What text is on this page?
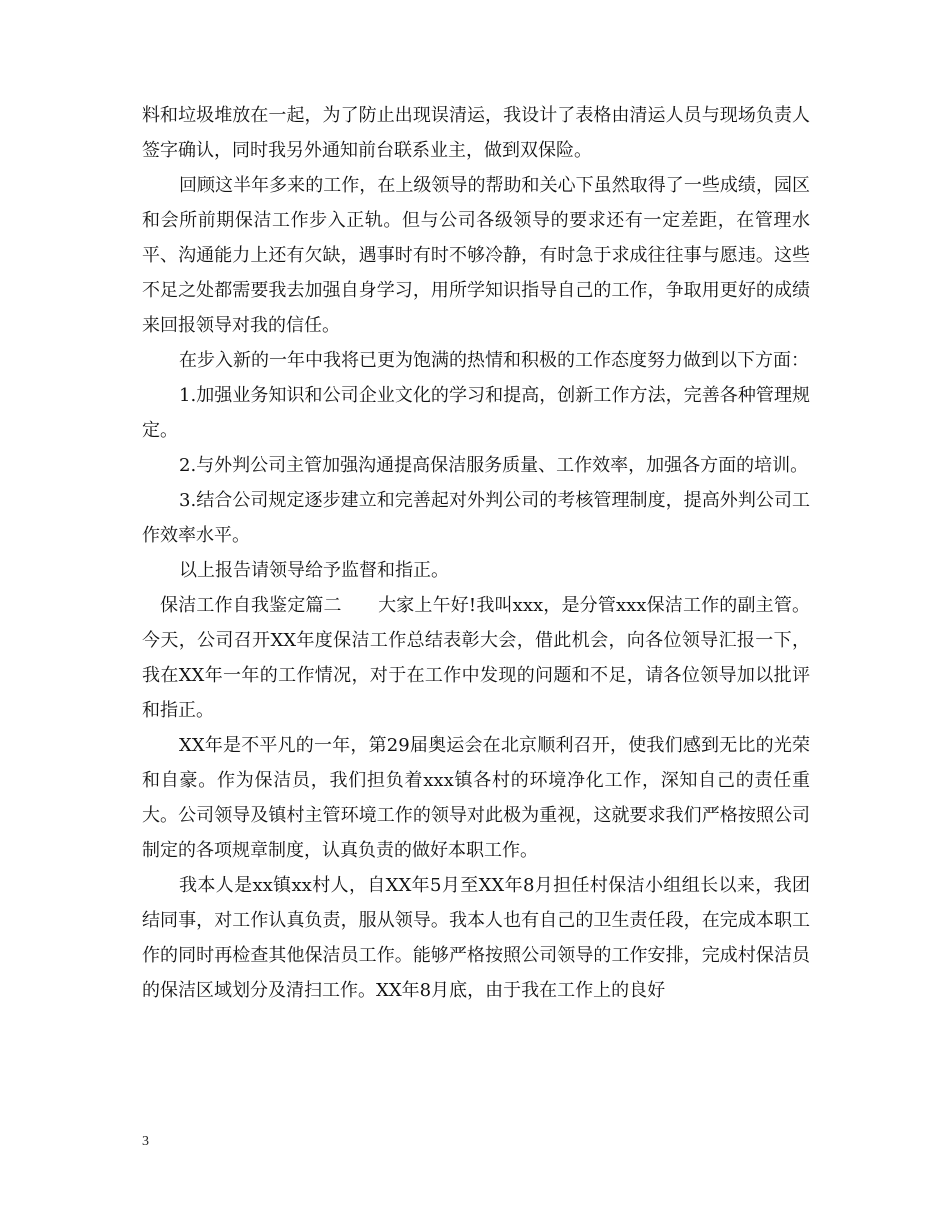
料和垃圾堆放在一起，为了防止出现误清运，我设计了表格由清运人员与现场负责人签字确认，同时我另外通知前台联系业主，做到双保险。

回顾这半年多来的工作，在上级领导的帮助和关心下虽然取得了一些成绩，园区和会所前期保洁工作步入正轨。但与公司各级领导的要求还有一定差距，在管理水平、沟通能力上还有欠缺，遇事时有时不够冷静，有时急于求成往往事与愿违。这些不足之处都需要我去加强自身学习，用所学知识指导自己的工作，争取用更好的成绩来回报领导对我的信任。

在步入新的一年中我将已更为饱满的热情和积极的工作态度努力做到以下方面：

1.加强业务知识和公司企业文化的学习和提高，创新工作方法，完善各种管理规定。

2.与外判公司主管加强沟通提高保洁服务质量、工作效率，加强各方面的培训。

3.结合公司规定逐步建立和完善起对外判公司的考核管理制度，提高外判公司工作效率水平。

以上报告请领导给予监督和指正。

保洁工作自我鉴定篇二　　大家上午好!我叫xxx，是分管xxx保洁工作的副主管。今天，公司召开XX年度保洁工作总结表彰大会，借此机会，向各位领导汇报一下，我在XX年一年的工作情况，对于在工作中发现的问题和不足，请各位领导加以批评和指正。

XX年是不平凡的一年，第29届奥运会在北京顺利召开，使我们感到无比的光荣和自豪。作为保洁员，我们担负着xxx镇各村的环境净化工作，深知自己的责任重大。公司领导及镇村主管环境工作的领导对此极为重视，这就要求我们严格按照公司制定的各项规章制度，认真负责的做好本职工作。

我本人是xx镇xx村人，自XX年5月至XX年8月担任村保洁小组组长以来，我团结同事，对工作认真负责，服从领导。我本人也有自己的卫生责任段，在完成本职工作的同时再检查其他保洁员工作。能够严格按照公司领导的工作安排，完成村保洁员的保洁区域划分及清扫工作。XX年8月底，由于我在工作上的良好

3
